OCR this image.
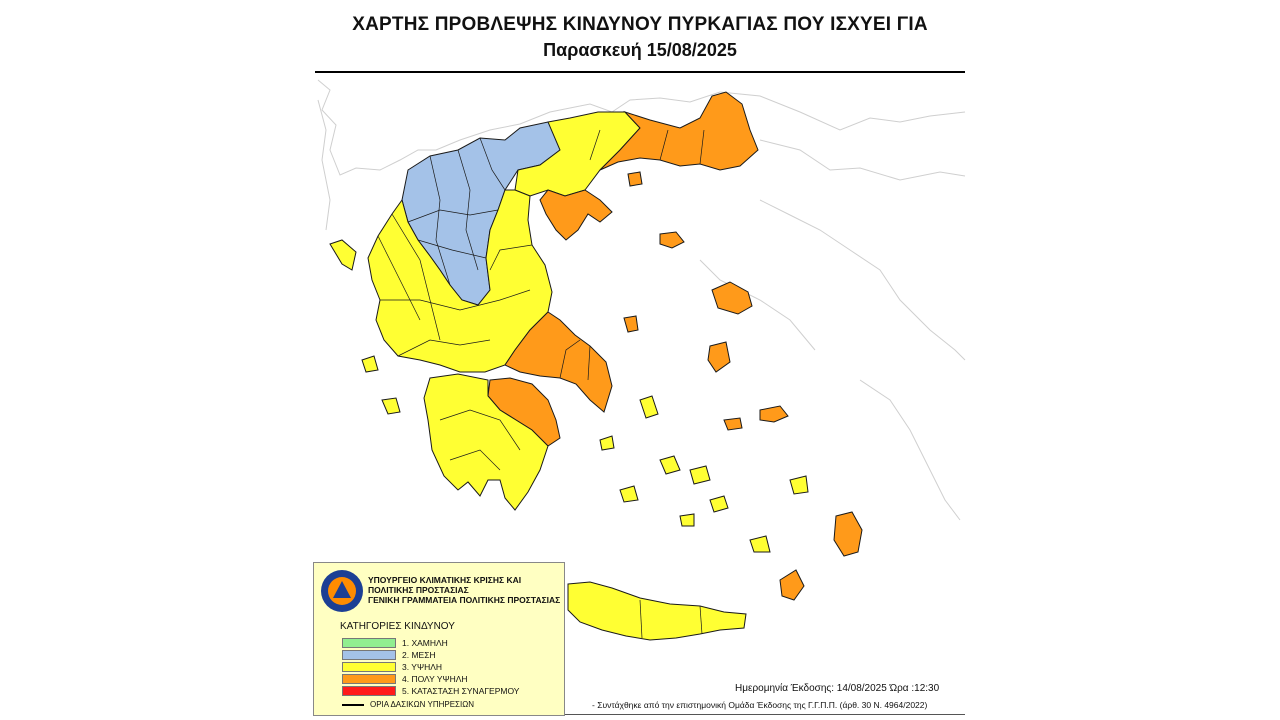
ΧΑΡΤΗΣ ΠΡΟΒΛΕΨΗΣ ΚΙΝΔΥΝΟΥ ΠΥΡΚΑΓΙΑΣ ΠΟΥ ΙΣΧΥΕΙ ΓΙΑ
Παρασκευή 15/08/2025
ΥΠΟΥΡΓΕΙΟ ΚΛΙΜΑΤΙΚΗΣ ΚΡΙΣΗΣ ΚΑΙ
ΠΟΛΙΤΙΚΗΣ ΠΡΟΣΤΑΣΙΑΣ
ΓΕΝΙΚΗ ΓΡΑΜΜΑΤΕΙΑ ΠΟΛΙΤΙΚΗΣ ΠΡΟΣΤΑΣΙΑΣ
ΚΑΤΗΓΟΡΙΕΣ ΚΙΝΔΥΝΟΥ
1. ΧΑΜΗΛΗ
2. ΜΕΣΗ
3. ΥΨΗΛΗ
4. ΠΟΛΥ ΥΨΗΛΗ
5. ΚΑΤΑΣΤΑΣΗ ΣΥΝΑΓΕΡΜΟΥ
ΟΡΙΑ ΔΑΣΙΚΩΝ ΥΠΗΡΕΣΙΩΝ
Ημερομηνία Έκδοσης: 14/08/2025 Ώρα :12:30
- Συντάχθηκε από την επιστημονική Ομάδα Έκδοσης της Γ.Γ.Π.Π. (άρθ. 30 Ν. 4964/2022)
